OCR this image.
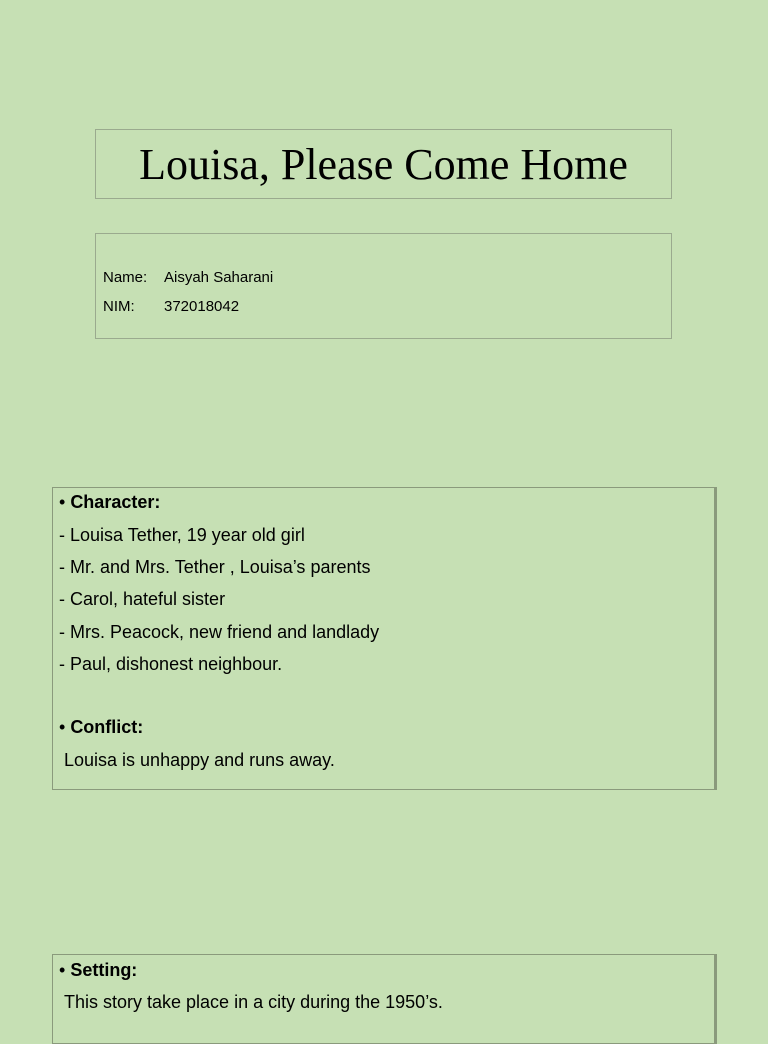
Louisa, Please Come Home
Name: Aisyah Saharani
NIM: 372018042
• Character:
- Louisa Tether, 19 year old girl
- Mr. and Mrs. Tether , Louisa’s parents
- Carol, hateful sister
- Mrs. Peacock, new friend and landlady
- Paul, dishonest neighbour.
• Conflict:
Louisa is unhappy and runs away.
• Setting:
This story take place in a city during the 1950’s.
